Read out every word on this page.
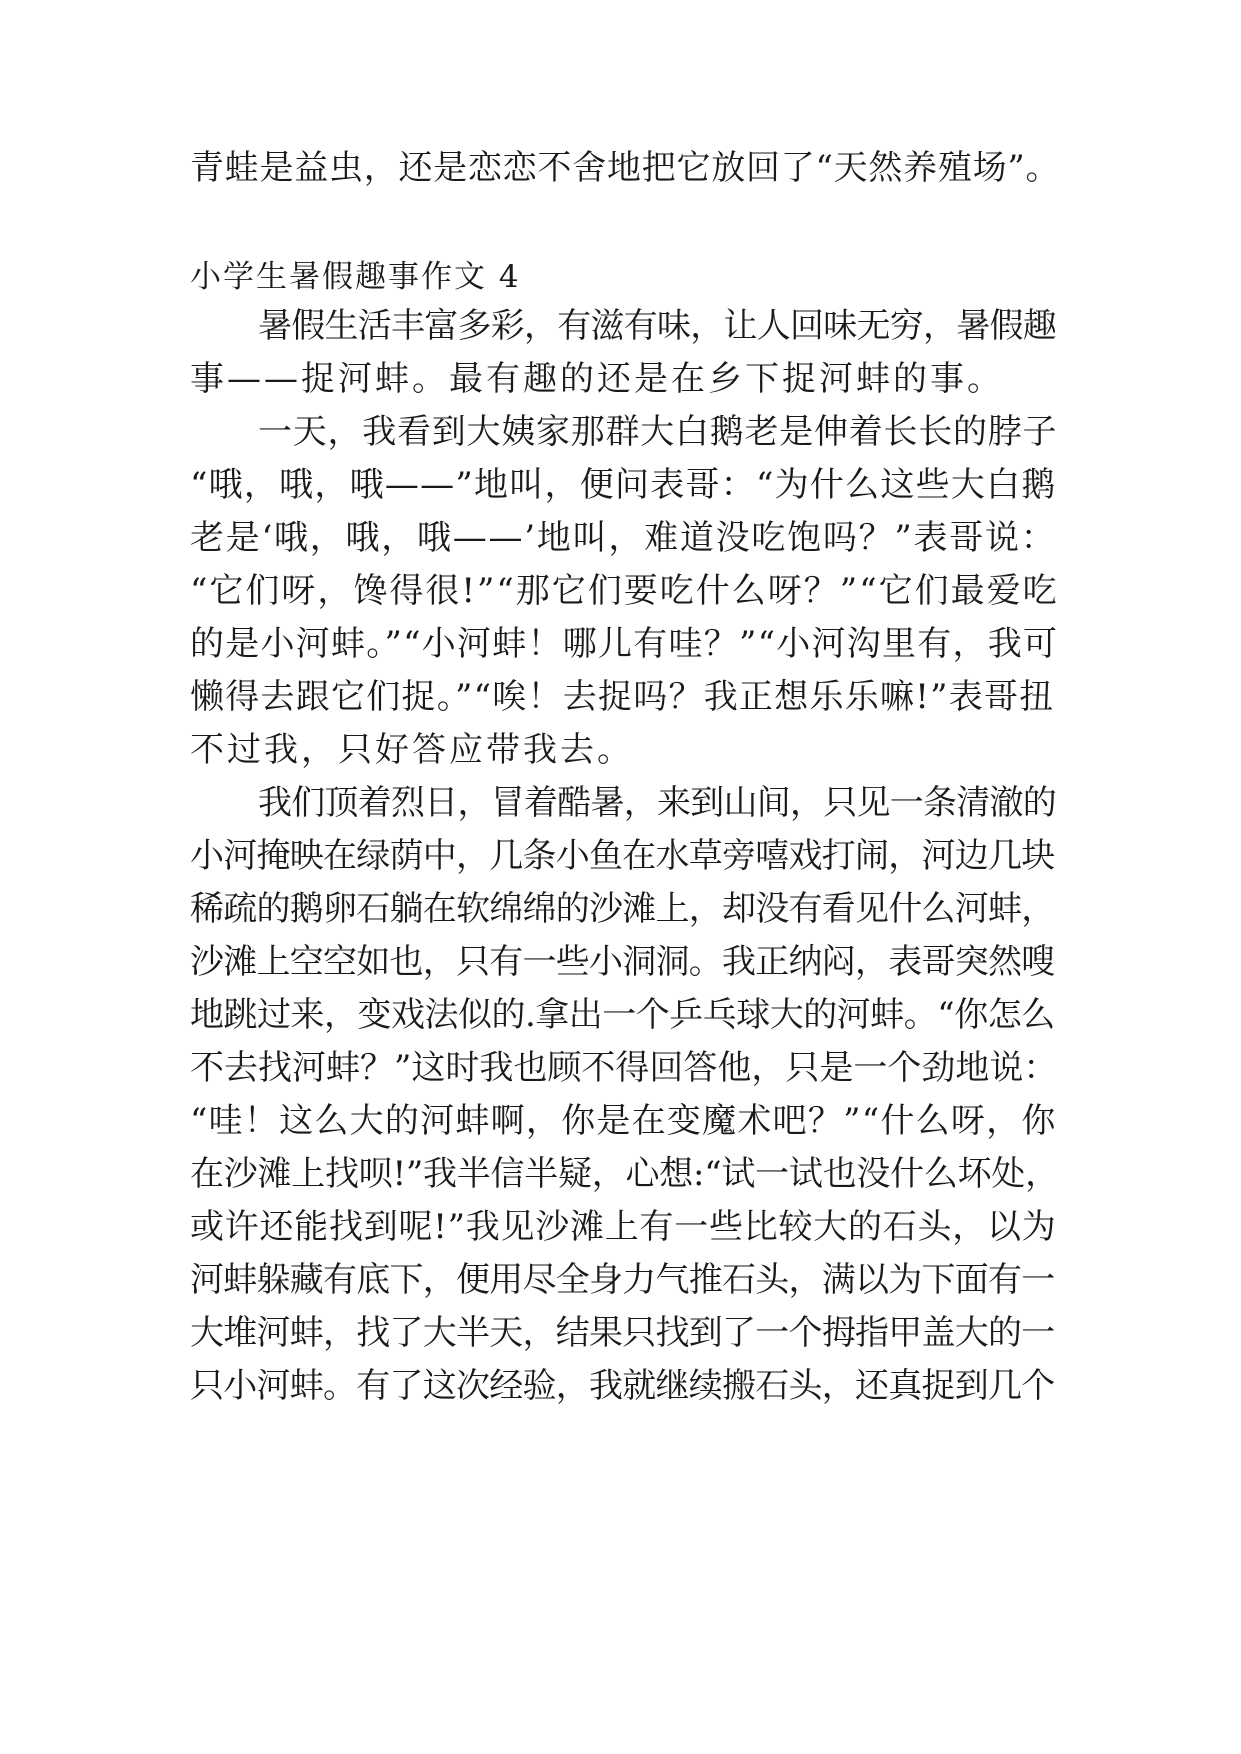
青蛙是益虫，还是恋恋不舍地把它放回了“天然养殖场”。
小学生暑假趣事作文 4
暑假生活丰富多彩，有滋有味，让人回味无穷，暑假趣
事——捉河蚌。最有趣的还是在乡下捉河蚌的事。
一天，我看到大姨家那群大白鹅老是伸着长长的脖子
“哦，哦，哦——”地叫，便问表哥：“为什么这些大白鹅
老是‘哦，哦，哦——’地叫，难道没吃饱吗？”表哥说：
“它们呀，馋得很!”“那它们要吃什么呀？”“它们最爱吃
的是小河蚌。”“小河蚌！哪儿有哇？”“小河沟里有，我可
懒得去跟它们捉。”“唉！去捉吗？我正想乐乐嘛!”表哥扭
不过我，只好答应带我去。
我们顶着烈日，冒着酷暑，来到山间，只见一条清澈的
小河掩映在绿荫中，几条小鱼在水草旁嘻戏打闹，河边几块
稀疏的鹅卵石躺在软绵绵的沙滩上，却没有看见什么河蚌，
沙滩上空空如也，只有一些小洞洞。我正纳闷，表哥突然嗖
地跳过来，变戏法似的.拿出一个乒乓球大的河蚌。“你怎么
不去找河蚌？”这时我也顾不得回答他，只是一个劲地说：
“哇！这么大的河蚌啊，你是在变魔术吧？”“什么呀，你
在沙滩上找呗!”我半信半疑，心想:“试一试也没什么坏处，
或许还能找到呢!”我见沙滩上有一些比较大的石头，以为
河蚌躲藏有底下，便用尽全身力气推石头，满以为下面有一
大堆河蚌，找了大半天，结果只找到了一个拇指甲盖大的一
只小河蚌。有了这次经验，我就继续搬石头，还真捉到几个
